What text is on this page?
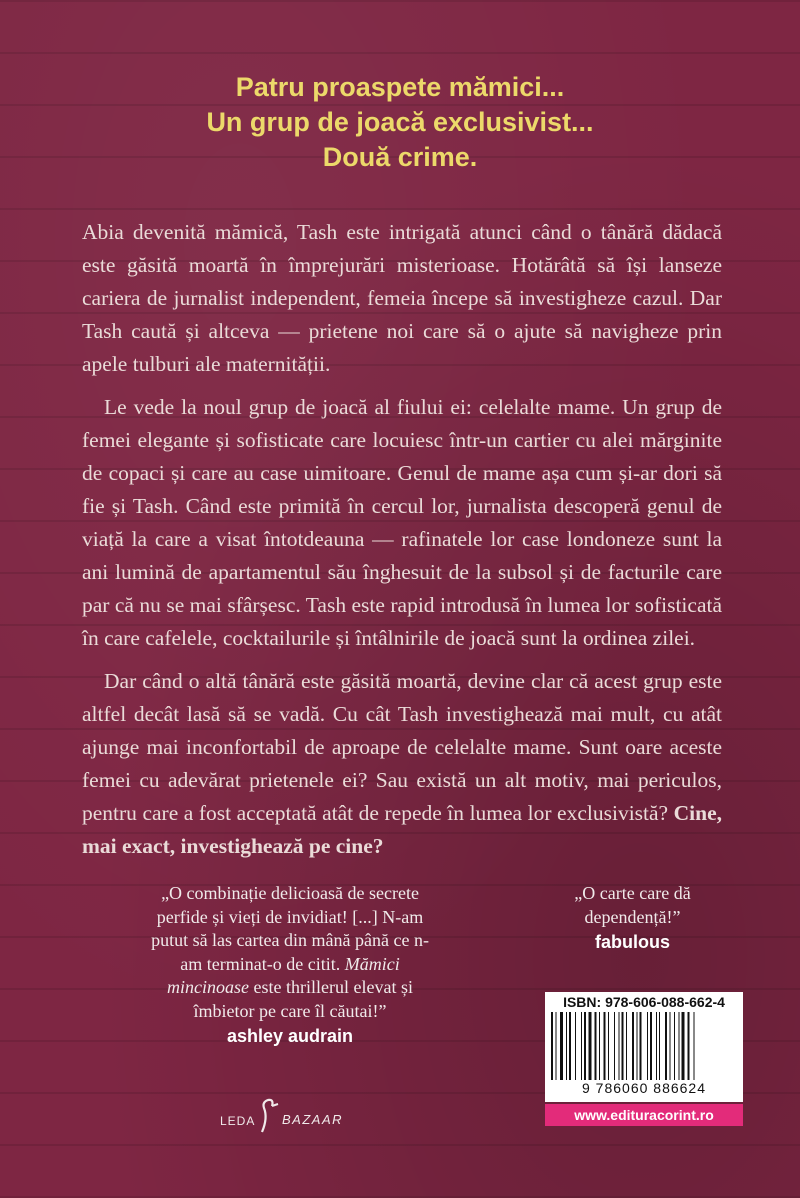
Patru proaspete mămici...
Un grup de joacă exclusivist...
Două crime.

Abia devenită mămică, Tash este intrigată atunci când o tânără dădacă este găsită moartă în împrejurări misterioase. Hotărâtă să își lanseze cariera de jurnalist independent, femeia începe să investigheze cazul. Dar Tash caută și altceva — prietene noi care să o ajute să navigheze prin apele tulburi ale maternității.

Le vede la noul grup de joacă al fiului ei: celelalte mame. Un grup de femei elegante și sofisticate care locuiesc într-un cartier cu alei mărginite de copaci și care au case uimitoare. Genul de mame așa cum și-ar dori să fie și Tash. Când este primită în cercul lor, jurnalista descoperă genul de viață la care a visat întotdeauna — rafinatele lor case londoneze sunt la ani lumină de apartamentul său înghesuit de la subsol și de facturile care par că nu se mai sfârșesc. Tash este rapid introdusă în lumea lor sofisticată în care cafelele, cocktailurile și întâlnirile de joacă sunt la ordinea zilei.

Dar când o altă tânără este găsită moartă, devine clar că acest grup este altfel decât lasă să se vadă. Cu cât Tash investighează mai mult, cu atât ajunge mai inconfortabil de aproape de celelalte mame. Sunt oare aceste femei cu adevărat prietenele ei? Sau există un alt motiv, mai periculos, pentru care a fost acceptată atât de repede în lumea lor exclusivistă? Cine, mai exact, investighează pe cine?

„O combinație delicioasă de secrete perfide și vieți de invidiat! [...] N-am putut să las cartea din mână până ce n-am terminat-o de citit. Mămici mincinoase este thrillerul elevat și îmbietor pe care îl căutai!”
ashley audrain
„O carte care dă dependență!”
fabulous
LEDA BAZAAR
ISBN: 978-606-088-662-4
9 786060 886624
www.edituracorint.ro
